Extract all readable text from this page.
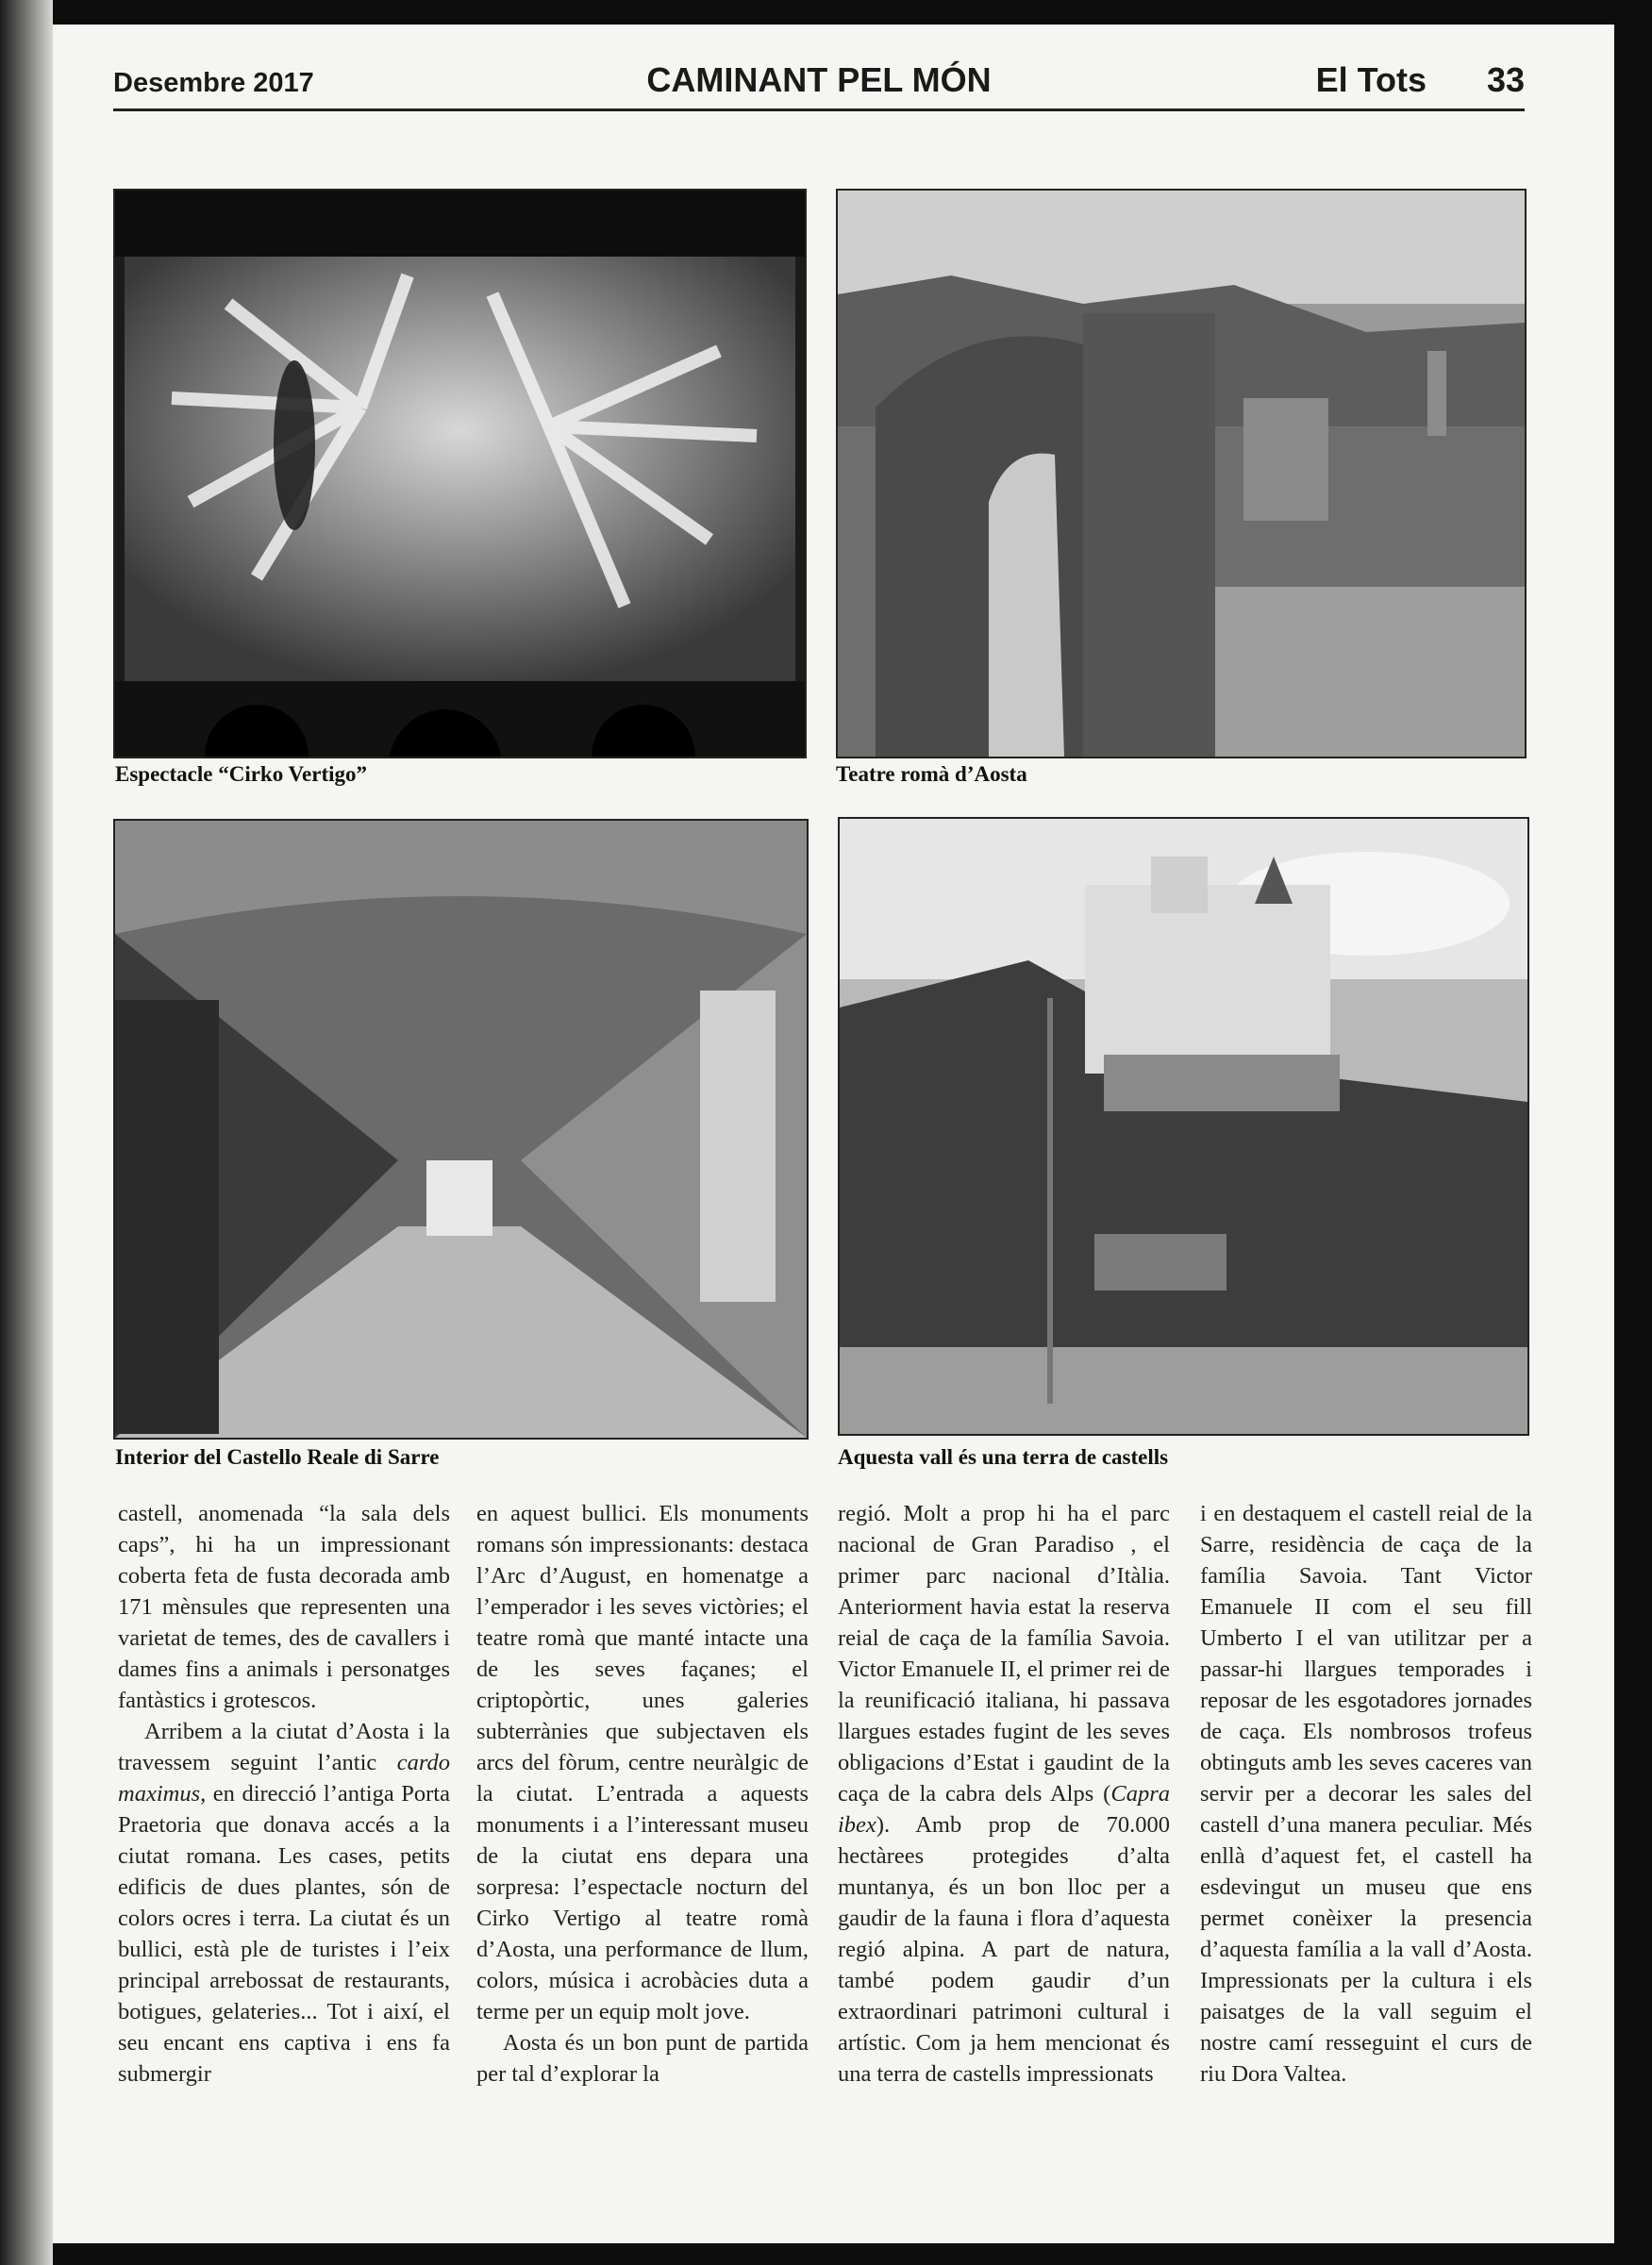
Desembre 2017	CAMINANT PEL MÓN	El Tots 33
Espectacle “Cirko Vertigo”	Teatre romà d’Aosta
Interior del Castello Reale di Sarre	Aquesta vall és una terra de castells

castell, anomenada “la sala dels caps”, hi ha un impressionant coberta feta de fusta decorada amb 171 mènsules que representen una varietat de temes, des de cavallers i dames fins a animals i personatges fantàstics i grotescos.

Arribem a la ciutat d’Aosta i la travessem seguint l’antic cardo maximus, en direcció l’antiga Porta Praetoria que donava accés a la ciutat romana. Les cases, petits edificis de dues plantes, són de colors ocres i terra. La ciutat és un bullici, està ple de turistes i l’eix principal arrebossat de restaurants, botigues, gelateries... Tot i així, el seu encant ens captiva i ens fa submergir

en aquest bullici. Els monuments romans són impressionants: destaca l’Arc d’August, en homenatge a l’emperador i les seves victòries; el teatre romà que manté intacte una de les seves façanes; el criptopòrtic, unes galeries subterrànies que subjectaven els arcs del fòrum, centre neuràlgic de la ciutat. L’entrada a aquests monuments i a l’interessant museu de la ciutat ens depara una sorpresa: l’espectacle nocturn del Cirko Vertigo al teatre romà d’Aosta, una performance de llum, colors, música i acrobàcies duta a terme per un equip molt jove.

Aosta és un bon punt de partida per tal d’explorar la

regió. Molt a prop hi ha el parc nacional de Gran Paradiso , el primer parc nacional d’Itàlia. Anteriorment havia estat la reserva reial de caça de la família Savoia. Victor Emanuele II, el primer rei de la reunificació italiana, hi passava llargues estades fugint de les seves obligacions d’Estat i gaudint de la caça de la cabra dels Alps (Capra ibex). Amb prop de 70.000 hectàrees protegides d’alta muntanya, és un bon lloc per a gaudir de la fauna i flora d’aquesta regió alpina. A part de natura, també podem gaudir d’un extraordinari patrimoni cultural i artístic. Com ja hem mencionat és una terra de castells impressionats

i en destaquem el castell reial de la Sarre, residència de caça de la família Savoia. Tant Victor Emanuele II com el seu fill Umberto I el van utilitzar per a passar-hi llargues temporades i reposar de les esgotadores jornades de caça. Els nombrosos trofeus obtinguts amb les seves caceres van servir per a decorar les sales del castell d’una manera peculiar. Més enllà d’aquest fet, el castell ha esdevingut un museu que ens permet conèixer la presencia d’aquesta família a la vall d’Aosta. Impressionats per la cultura i els paisatges de la vall seguim el nostre camí resseguint el curs de riu Dora Valtea.
